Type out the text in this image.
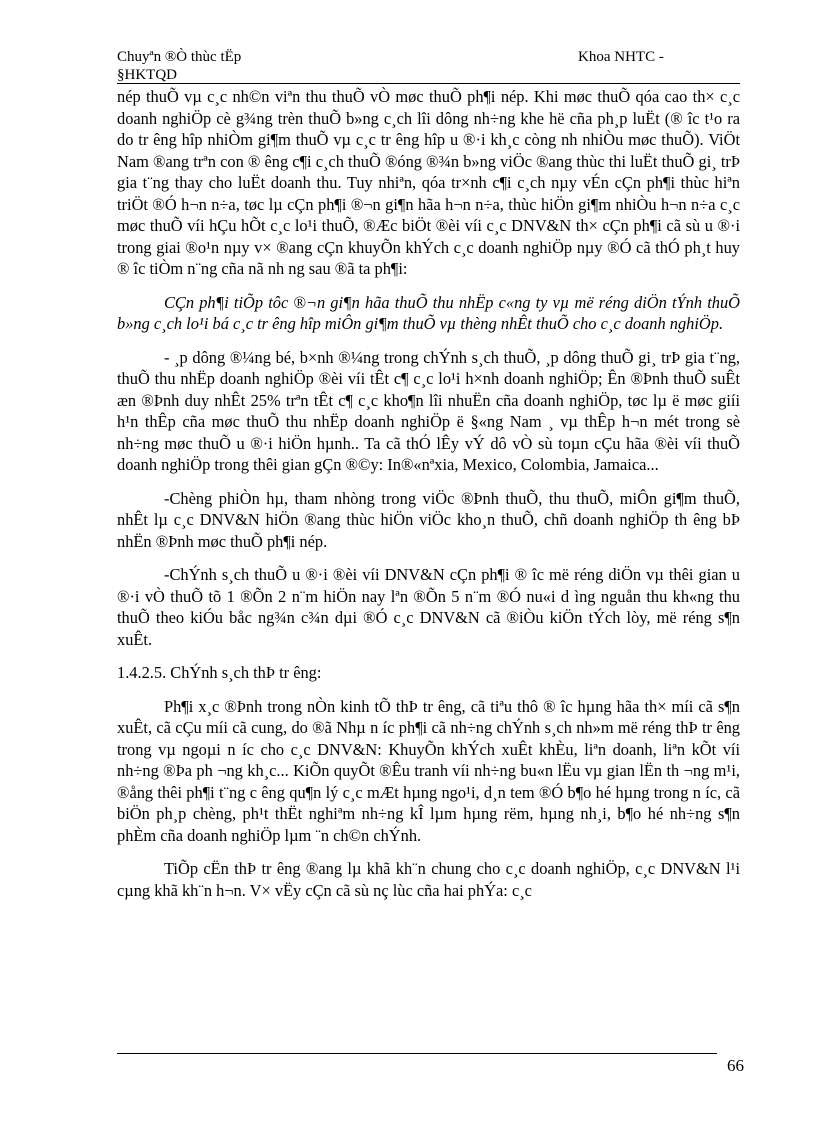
Chuyªn ®Ò thùc tËp
§HKTQD
Khoa NHTC -

nép thuÕ vµ c¸c nh©n viªn thu thuÕ vÒ møc thuÕ ph¶i nép. Khi møc thuÕ qóa cao th× c¸c doanh nghiÖp cè g¾ng trèn thuÕ b»ng c¸ch lîi dông nh÷ng khe hë cña ph¸p luËt (® îc t¹o ra do tr êng hîp nhiÒm gi¶m thuÕ vµ c¸c tr êng hîp u ®·i kh¸c còng nh nhiÒu møc thuÕ). ViÖt Nam ®ang trªn con ® êng c¶i c¸ch thuÕ ®óng ®¾n b»ng viÖc ®ang thùc thi luËt thuÕ gi¸ trÞ gia t¨ng thay cho luËt doanh thu. Tuy nhiªn, qóa tr×nh c¶i c¸ch nµy vÉn cÇn ph¶i thùc hiªn triÖt ®Ó h¬n n÷a, tøc lµ cÇn ph¶i ®¬n gi¶n hãa h¬n n÷a, thùc hiÖn gi¶m nhiÒu h¬n n÷a c¸c møc thuÕ víi hÇu hÕt c¸c lo¹i thuÕ, ®Æc biÖt ®èi víi c¸c DNV&N th× cÇn ph¶i cã sù u ®·i trong giai ®o¹n nµy v× ®ang cÇn khuyÕn khÝch c¸c doanh nghiÖp nµy ®Ó cã thÓ ph¸t huy ® îc tiÒm n¨ng cña nã nh ng sau ®ã ta ph¶i:

CÇn ph¶i tiÕp tôc ®¬n gi¶n hãa thuÕ thu nhËp c«ng ty vµ më réng diÖn tÝnh thuÕ b»ng c¸ch lo¹i bá c¸c tr êng hîp miÔn gi¶m thuÕ vµ thèng nhÊt thuÕ cho c¸c doanh nghiÖp.

- ¸p dông ®¼ng bé, b×nh ®¼ng trong chÝnh s¸ch thuÕ, ¸p dông thuÕ gi¸ trÞ gia t¨ng, thuÕ thu nhËp doanh nghiÖp ®èi víi tÊt c¶ c¸c lo¹i h×nh doanh nghiÖp; Ên ®Þnh thuÕ suÊt æn ®Þnh duy nhÊt 25% trªn tÊt c¶ c¸c kho¶n lîi nhuËn cña doanh nghiÖp, tøc lµ ë møc giíi h¹n thÊp cña møc thuÕ thu nhËp doanh nghiÖp ë §«ng Nam ¸ vµ thÊp h¬n mét trong sè nh÷ng møc thuÕ u ®·i hiÖn hµnh.. Ta cã thÓ lÊy vÝ dô vÒ sù toµn cÇu hãa ®èi víi thuÕ doanh nghiÖp trong thêi gian gÇn ®©y: In®«nªxia, Mexico, Colombia, Jamaica...

-Chèng phiÒn hµ, tham nhòng trong viÖc ®Þnh thuÕ, thu thuÕ, miÔn gi¶m thuÕ, nhÊt lµ c¸c DNV&N hiÖn ®ang thùc hiÖn viÖc kho¸n thuÕ, chñ doanh nghiÖp th êng bÞ nhËn ®Þnh møc thuÕ ph¶i nép.

-ChÝnh s¸ch thuÕ u ®·i ®èi víi DNV&N cÇn ph¶i ® îc më réng diÖn vµ thêi gian u ®·i vÒ thuÕ tõ 1 ®Õn 2 n¨m hiÖn nay lªn ®Õn 5 n¨m ®Ó nu«i d ìng nguån thu kh«ng thu thuÕ theo kiÓu båc ng¾n c¾n dµi ®Ó c¸c DNV&N cã ®iÒu kiÖn tÝch lòy, më réng s¶n xuÊt.

1.4.2.5. ChÝnh s¸ch thÞ tr êng:

Ph¶i x¸c ®Þnh trong nÒn kinh tÕ thÞ tr êng, cã tiªu thô ® îc hµng hãa th× míi cã s¶n xuÊt, cã cÇu míi cã cung, do ®ã Nhµ n íc ph¶i cã nh÷ng chÝnh s¸ch nh»m më réng thÞ tr êng trong vµ ngoµi n íc cho c¸c DNV&N: KhuyÕn khÝch xuÊt khÈu, liªn doanh, liªn kÕt víi nh÷ng ®Þa ph ¬ng kh¸c... KiÕn quyÕt ®Êu tranh víi nh÷ng bu«n lËu vµ gian lËn th ¬ng m¹i, ®ång thêi ph¶i t¨ng c êng qu¶n lý c¸c mÆt hµng ngo¹i, d¸n tem ®Ó b¶o hé hµng trong n íc, cã biÖn ph¸p chèng, ph¹t thËt nghiªm nh÷ng kÎ lµm hµng rëm, hµng nh¸i, b¶o hé nh÷ng s¶n phÈm cña doanh nghiÖp lµm ¨n ch©n chÝnh.

TiÕp cËn thÞ tr êng ®ang lµ khã kh¨n chung cho c¸c doanh nghiÖp, c¸c DNV&N l¹i cµng khã kh¨n h¬n. V× vËy cÇn cã sù nç lùc cña hai phÝa: c¸c

66
